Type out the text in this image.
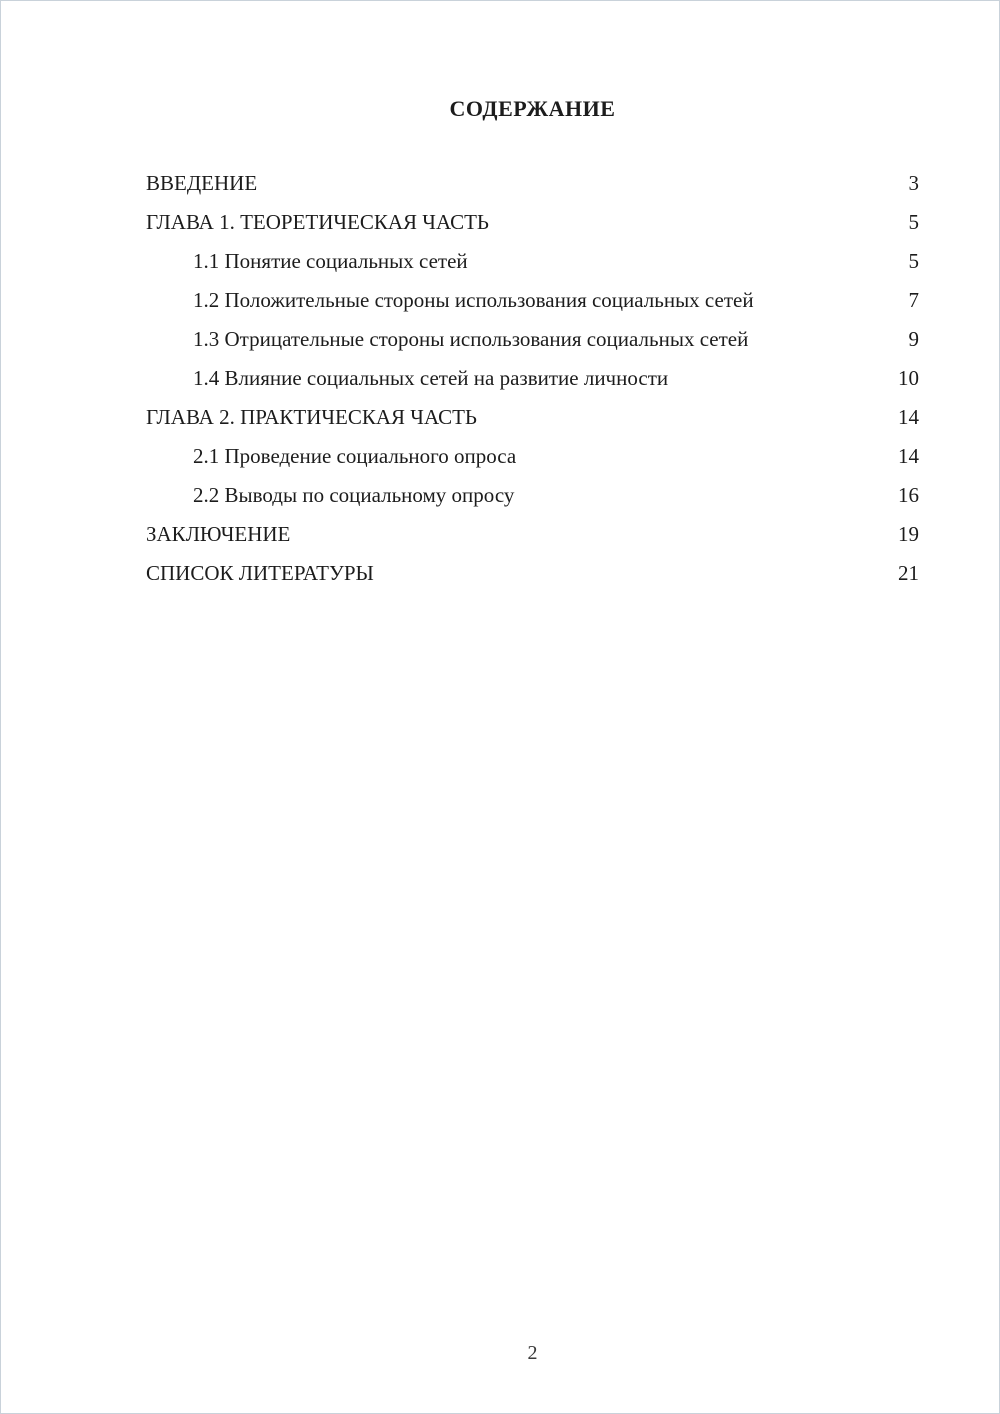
СОДЕРЖАНИЕ
ВВЕДЕНИЕ	3
ГЛАВА 1. ТЕОРЕТИЧЕСКАЯ ЧАСТЬ	5
1.1 Понятие социальных сетей	5
1.2 Положительные стороны использования социальных сетей	7
1.3 Отрицательные стороны использования социальных сетей	9
1.4 Влияние социальных сетей на развитие личности	10
ГЛАВА 2. ПРАКТИЧЕСКАЯ ЧАСТЬ	14
2.1 Проведение социального опроса	14
2.2 Выводы по социальному опросу	16
ЗАКЛЮЧЕНИЕ	19
СПИСОК ЛИТЕРАТУРЫ	21
2
